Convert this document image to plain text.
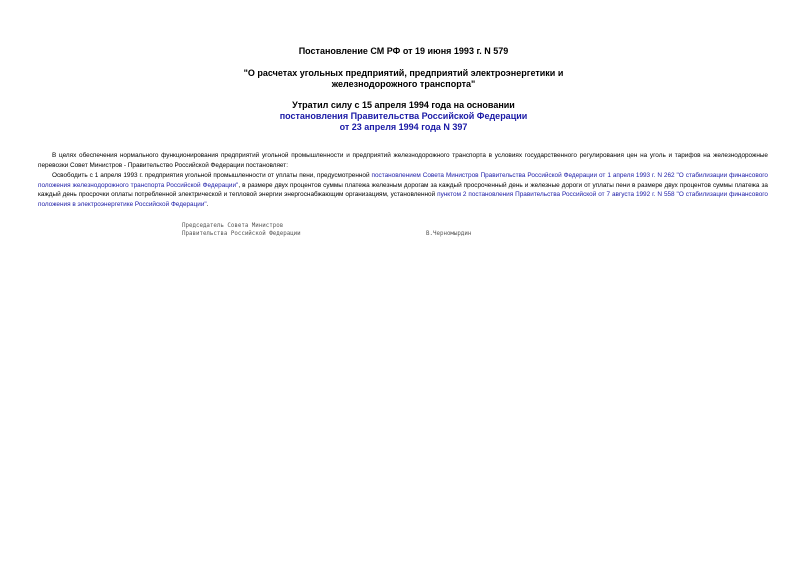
Постановление СМ РФ от 19 июня 1993 г. N 579
"О расчетах угольных предприятий, предприятий электроэнергетики и
железнодорожного транспорта"
Утратил силу с 15 апреля 1994 года на основании
постановления Правительства Российской Федерации
от 23 апреля 1994 года N 397
В целях обеспечения нормального функционирования предприятий угольной промышленности и предприятий железнодорожного транспорта в условиях государственного регулирования цен на уголь и тарифов на железнодорожные перевозки Совет Министров - Правительство Российской Федерации постановляет:
Освободить с 1 апреля 1993 г. предприятия угольной промышленности от уплаты пени, предусмотренной постановлением Совета Министров Правительства Российской Федерации от 1 апреля 1993 г. N 262 "О стабилизации финансового положения железнодорожного транспорта Российской Федерации", в размере двух процентов суммы платежа железным дорогам за каждый просроченный день и железные дороги от уплаты пени в размере двух процентов суммы платежа за каждый день просрочки оплаты потребленной электрической и тепловой энергии энергоснабжающим организациям, установленной пунктом 2 постановления Правительства Российской от 7 августа 1992 г. N 558 "О стабилизации финансового положения в электроэнергетике Российской Федерации".
Председатель Совета Министров
Правительства Российской Федерации	В.Черномырдин
